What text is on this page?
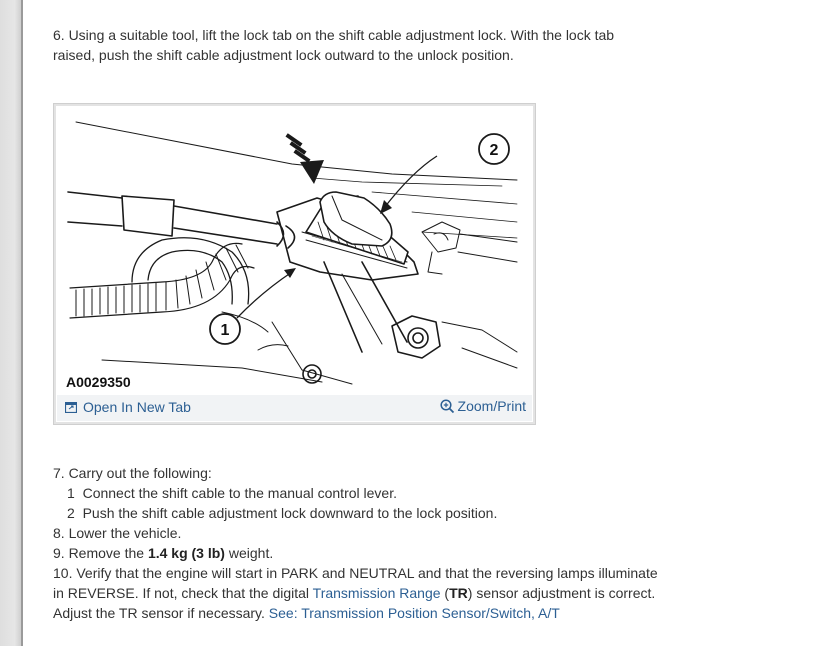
6. Using a suitable tool, lift the lock tab on the shift cable adjustment lock. With the lock tab
raised, push the shift cable adjustment lock outward to the unlock position.
2
1
A0029350
Open In New Tab	Zoom/Print
7. Carry out the following:
1 Connect the shift cable to the manual control lever.
2 Push the shift cable adjustment lock downward to the lock position.
8. Lower the vehicle.
9. Remove the 1.4 kg (3 lb) weight.
10. Verify that the engine will start in PARK and NEUTRAL and that the reversing lamps illuminate
in REVERSE. If not, check that the digital Transmission Range (TR) sensor adjustment is correct.
Adjust the TR sensor if necessary. See: Transmission Position Sensor/Switch, A/T
